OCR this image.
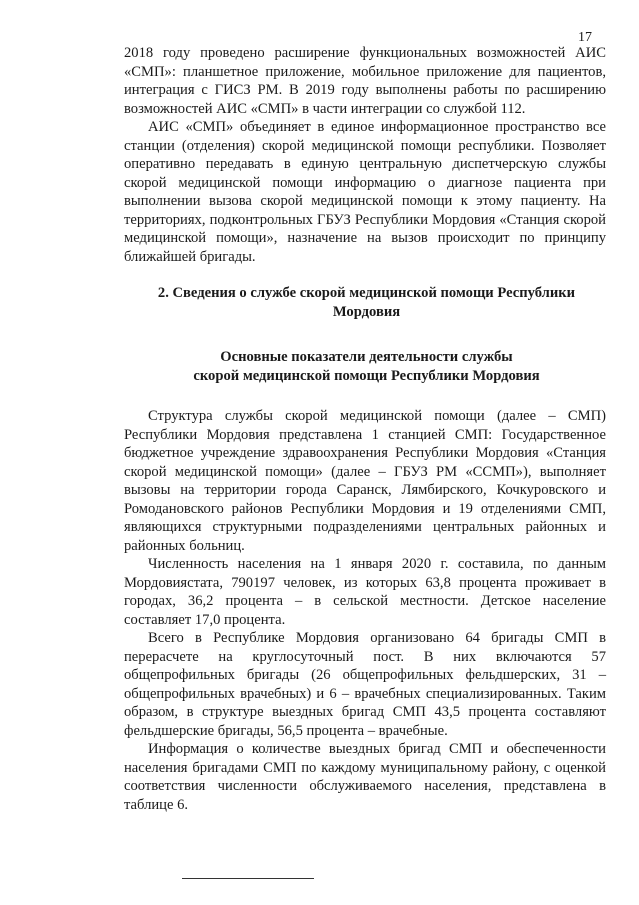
17

2018 году проведено расширение функциональных возможностей АИС «СМП»: планшетное приложение, мобильное приложение для пациентов, интеграция с ГИСЗ РМ. В 2019 году выполнены работы по расширению возможностей АИС «СМП» в части интеграции со службой 112.

АИС «СМП» объединяет в единое информационное пространство все станции (отделения) скорой медицинской помощи республики. Позволяет оперативно передавать в единую центральную диспетчерскую службы скорой медицинской помощи информацию о диагнозе пациента при выполнении вызова скорой медицинской помощи к этому пациенту. На территориях, подконтрольных ГБУЗ Республики Мордовия «Станция скорой медицинской помощи», назначение на вызов происходит по принципу ближайшей бригады.

2. Сведения о службе скорой медицинской помощи Республики
Мордовия
Основные показатели деятельности службы
скорой медицинской помощи Республики Мордовия

Структура службы скорой медицинской помощи (далее – СМП) Республики Мордовия представлена 1 станцией СМП: Государственное бюджетное учреждение здравоохранения Республики Мордовия «Станция скорой медицинской помощи» (далее – ГБУЗ РМ «ССМП»), выполняет вызовы на территории города Саранск, Лямбирского, Кочкуровского и Ромодановского районов Республики Мордовия и 19 отделениями СМП, являющихся структурными подразделениями центральных районных и районных больниц.

Численность населения на 1 января 2020 г. составила, по данным Мордовиястата, 790197 человек, из которых 63,8 процента проживает в городах, 36,2 процента – в сельской местности. Детское население составляет 17,0 процента.

Всего в Республике Мордовия организовано 64 бригады СМП в перерасчете на круглосуточный пост. В них включаются 57 общепрофильных бригады (26 общепрофильных фельдшерских, 31 – общепрофильных врачебных) и 6 – врачебных специализированных. Таким образом, в структуре выездных бригад СМП 43,5 процента составляют фельдшерские бригады, 56,5 процента – врачебные.

Информация о количестве выездных бригад СМП и обеспеченности населения бригадами СМП по каждому муниципальному району, с оценкой соответствия численности обслуживаемого населения, представлена в таблице 6.
